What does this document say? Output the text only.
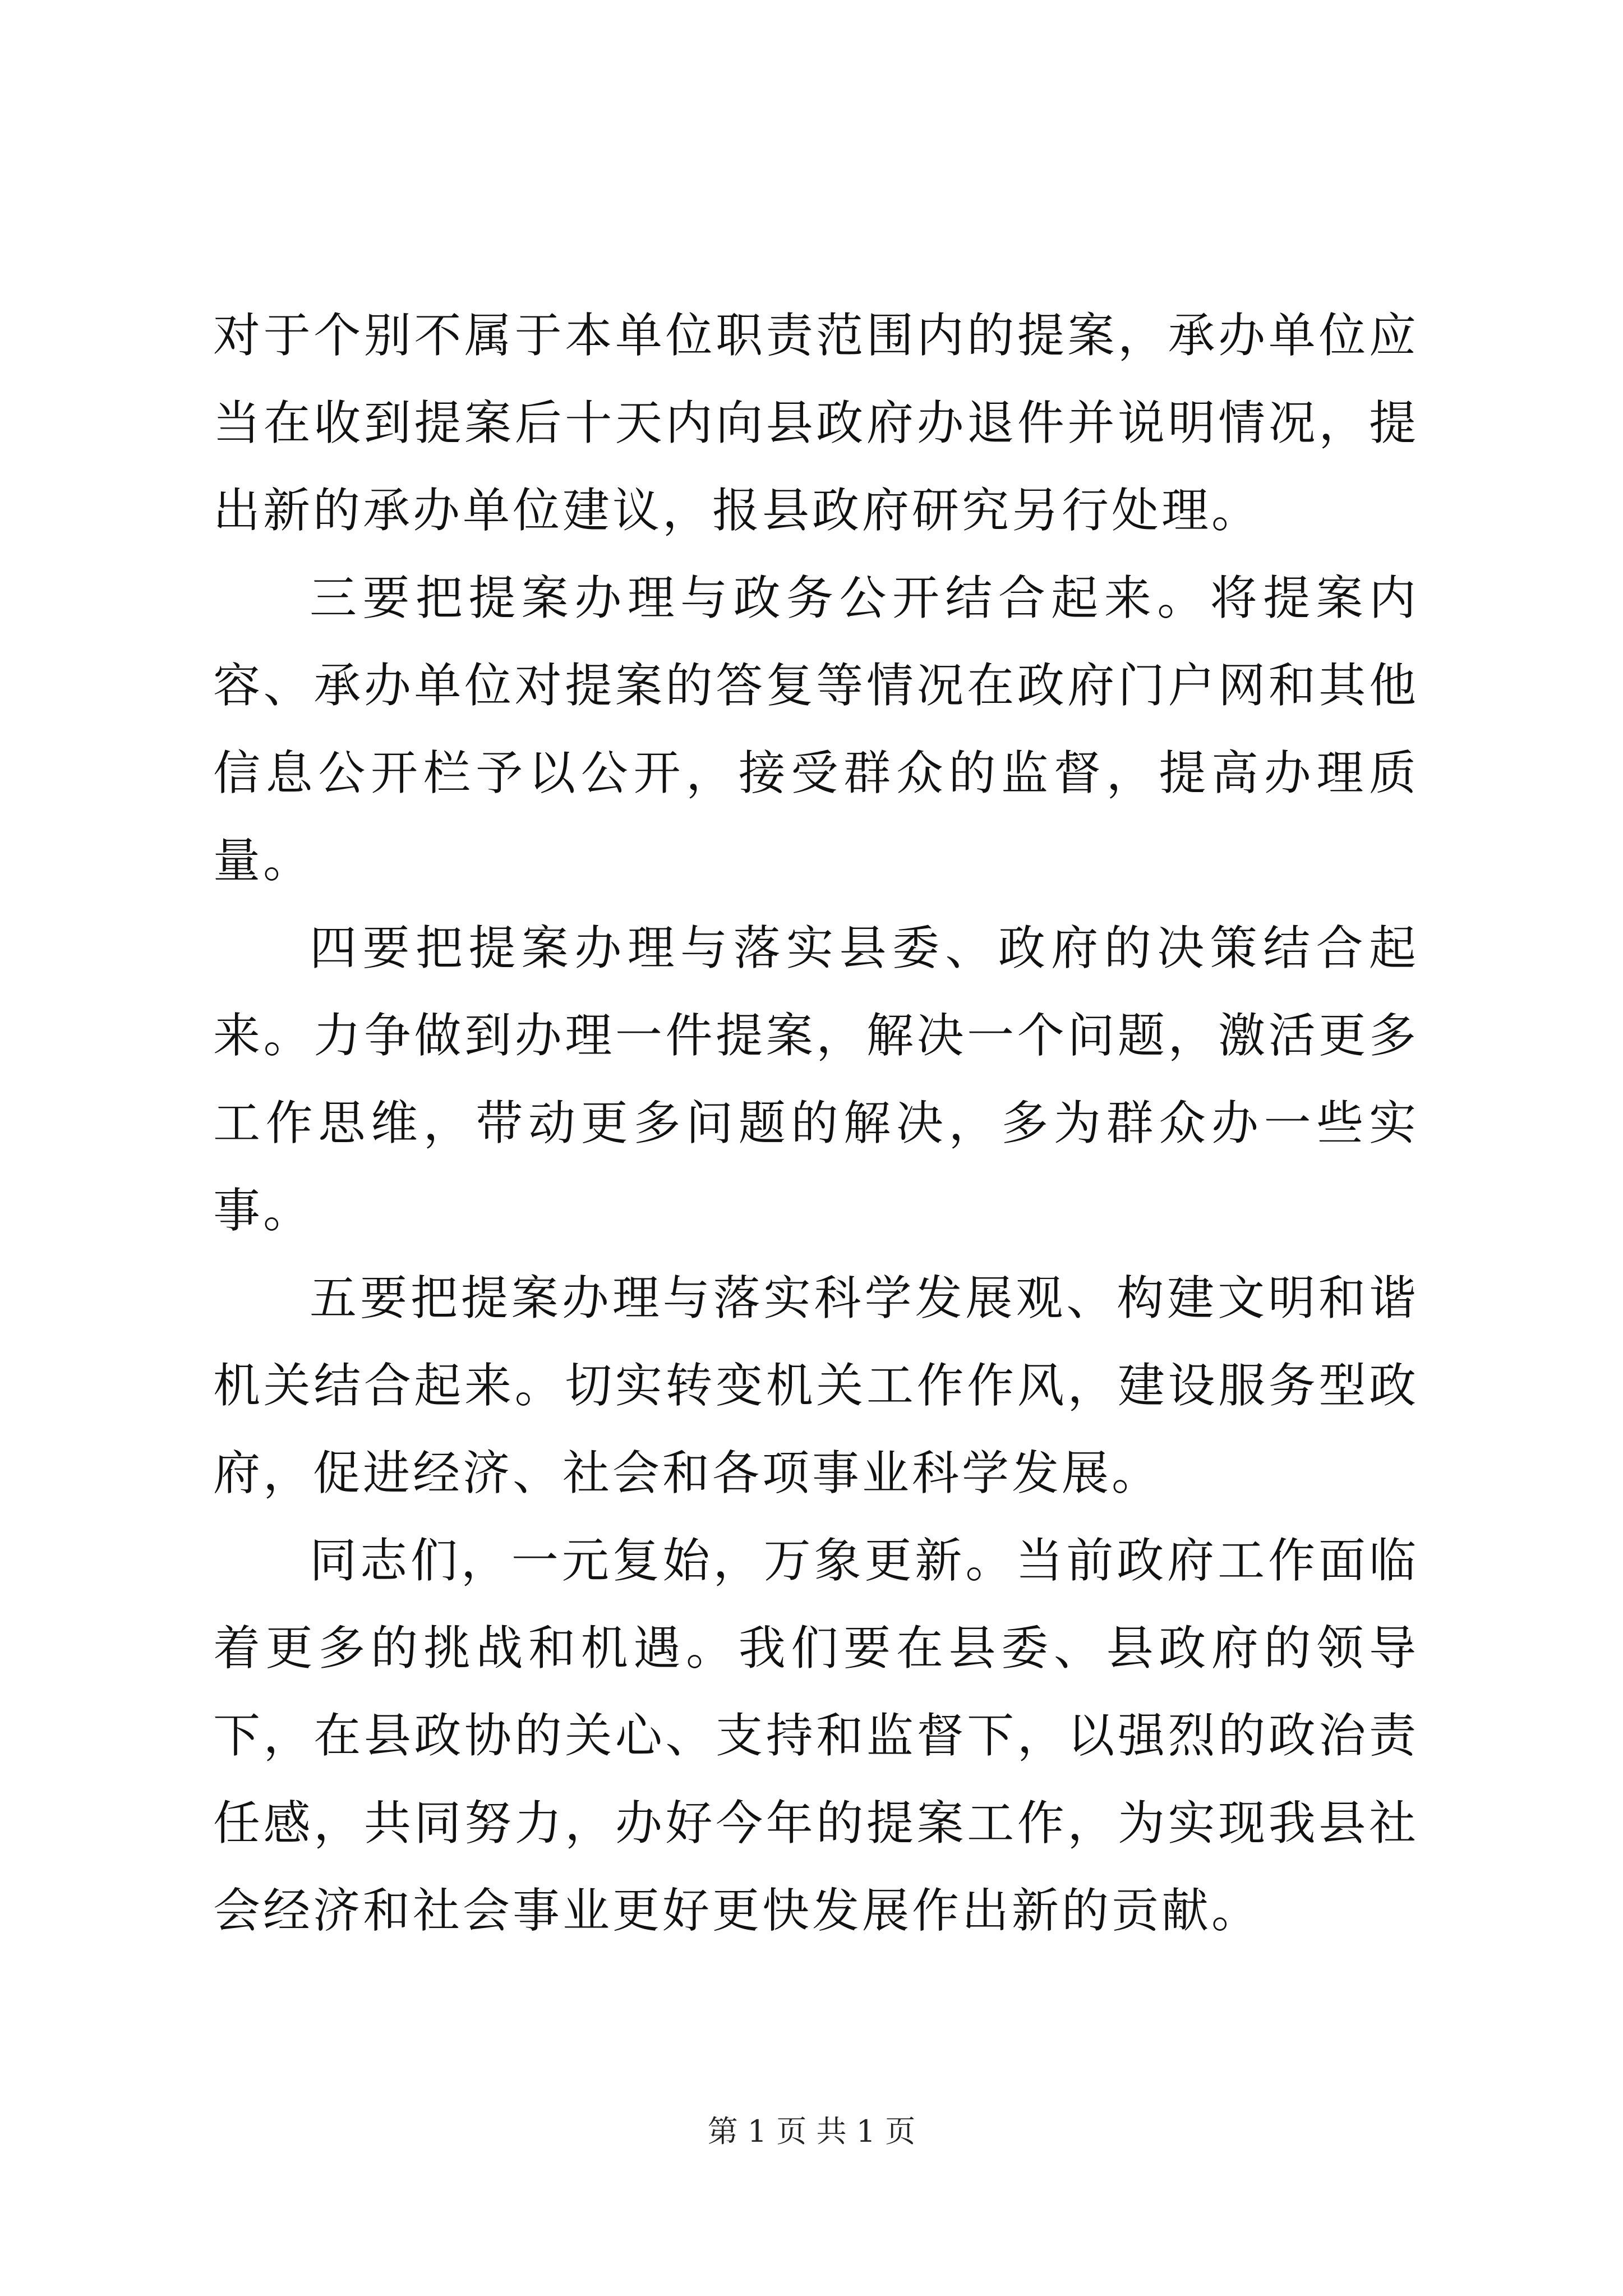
对于个别不属于本单位职责范围内的提案，承办单位应当在收到提案后十天内向县政府办退件并说明情况，提出新的承办单位建议，报县政府研究另行处理。

三要把提案办理与政务公开结合起来。将提案内容、承办单位对提案的答复等情况在政府门户网和其他信息公开栏予以公开，接受群众的监督，提高办理质量。

四要把提案办理与落实县委、政府的决策结合起来。力争做到办理一件提案，解决一个问题，激活更多工作思维，带动更多问题的解决，多为群众办一些实事。

五要把提案办理与落实科学发展观、构建文明和谐机关结合起来。切实转变机关工作作风，建设服务型政府，促进经济、社会和各项事业科学发展。

同志们，一元复始，万象更新。当前政府工作面临着更多的挑战和机遇。我们要在县委、县政府的领导下，在县政协的关心、支持和监督下，以强烈的政治责任感，共同努力，办好今年的提案工作，为实现我县社会经济和社会事业更好更快发展作出新的贡献。

第 1 页 共 1 页
